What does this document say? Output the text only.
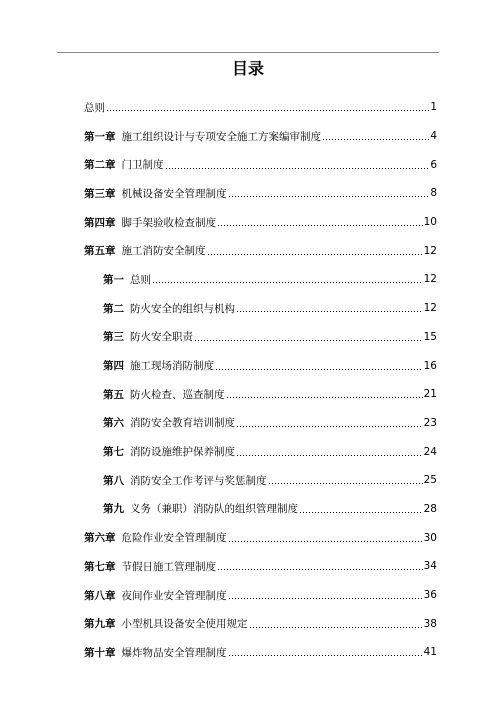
目录
总则	1
第一章 施工组织设计与专项安全施工方案编审制度	4
第二章 门卫制度	6
第三章 机械设备安全管理制度	8
第四章 脚手架验收检查制度	10
第五章 施工消防安全制度	12
第一 总则	12
第二 防火安全的组织与机构	12
第三 防火安全职责	15
第四 施工现场消防制度	16
第五 防火检查、巡查制度	21
第六 消防安全教育培训制度	23
第七 消防设施维护保养制度	24
第八 消防安全工作考评与奖惩制度	25
第九 义务（兼职）消防队的组织管理制度	28
第六章 危险作业安全管理制度	30
第七章 节假日施工管理制度	34
第八章 夜间作业安全管理制度	36
第九章 小型机具设备安全使用规定	38
第十章 爆炸物品安全管理制度	41
